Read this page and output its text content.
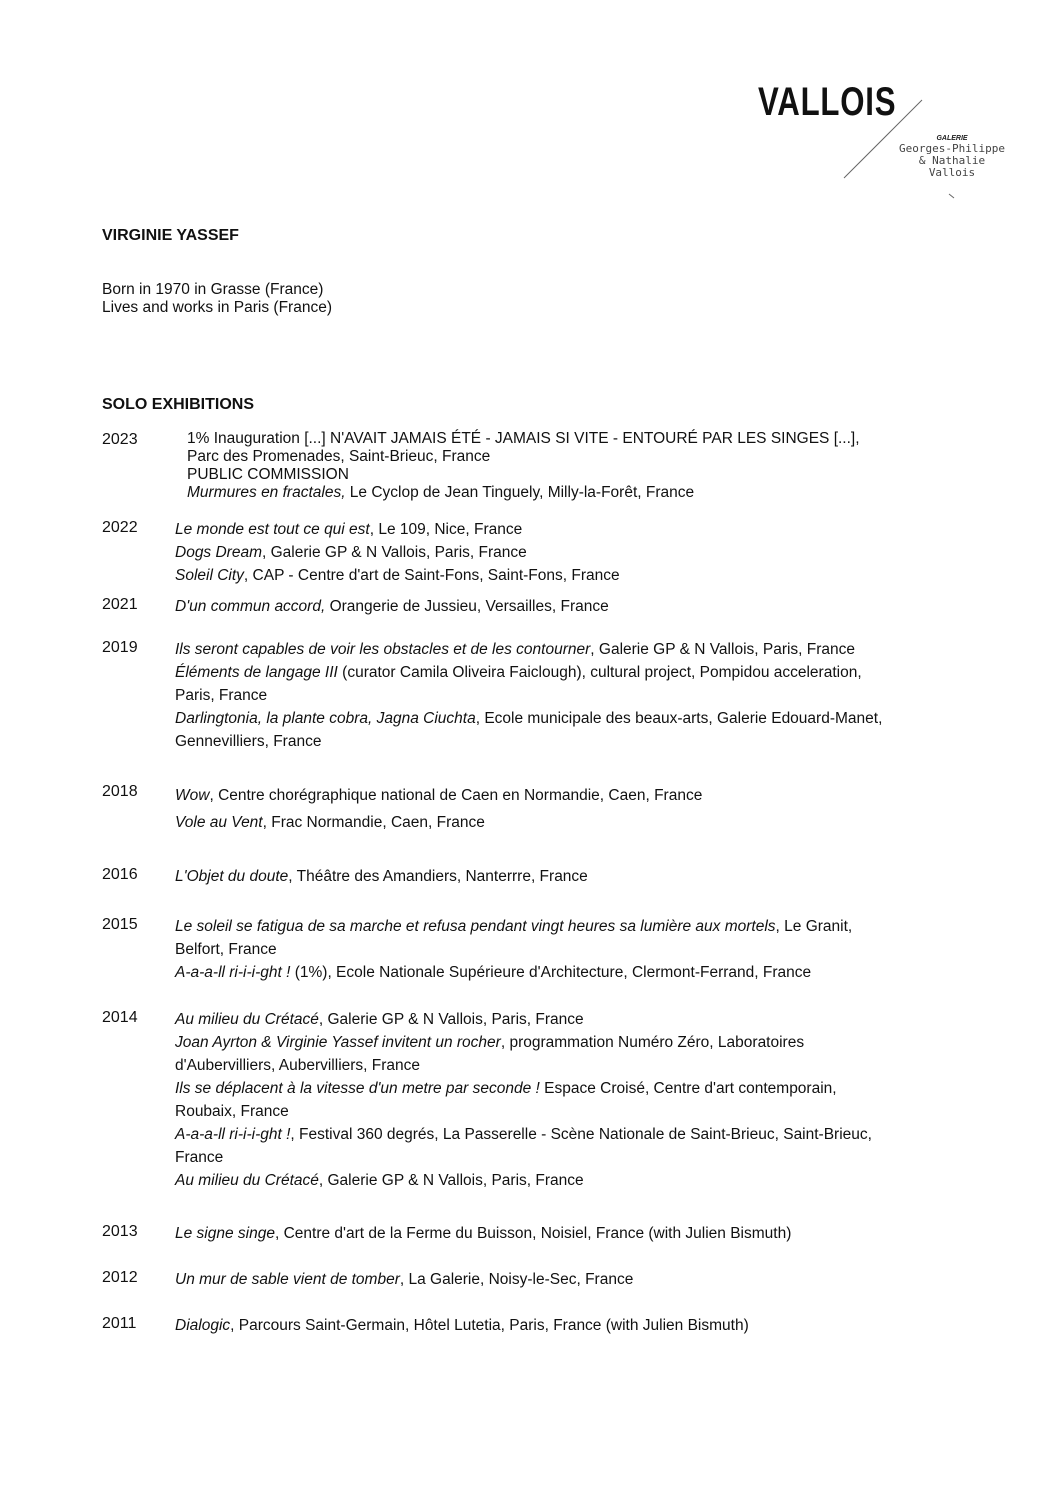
VALLOIS
GALERIE
Georges-Philippe
& Nathalie
Vallois
VIRGINIE YASSEF
Born in 1970 in Grasse (France)
Lives and works in Paris (France)
SOLO EXHIBITIONS
2023	1% Inauguration [...] N'AVAIT JAMAIS ÉTÉ - JAMAIS SI VITE - ENTOURÉ PAR LES SINGES [...],
Parc des Promenades, Saint-Brieuc, France
PUBLIC COMMISSION
Murmures en fractales, Le Cyclop de Jean Tinguely, Milly-la-Forêt, France
2022 Le monde est tout ce qui est, Le 109, Nice, France
Dogs Dream, Galerie GP & N Vallois, Paris, France
Soleil City, CAP - Centre d'art de Saint-Fons, Saint-Fons, France
2021 D'un commun accord, Orangerie de Jussieu, Versailles, France
2019 Ils seront capables de voir les obstacles et de les contourner, Galerie GP & N Vallois, Paris, France
Éléments de langage III (curator Camila Oliveira Faiclough), cultural project, Pompidou acceleration,
Paris, France
Darlingtonia, la plante cobra, Jagna Ciuchta, Ecole municipale des beaux-arts, Galerie Edouard-Manet,
Gennevilliers, France
2018 Wow, Centre chorégraphique national de Caen en Normandie, Caen, France
Vole au Vent, Frac Normandie, Caen, France
2016 L'Objet du doute, Théâtre des Amandiers, Nanterrre, France
2015 Le soleil se fatigua de sa marche et refusa pendant vingt heures sa lumière aux mortels, Le Granit,
Belfort, France
A-a-a-ll ri-i-i-ght ! (1%), Ecole Nationale Supérieure d'Architecture, Clermont-Ferrand, France
2014 Au milieu du Crétacé, Galerie GP & N Vallois, Paris, France
Joan Ayrton & Virginie Yassef invitent un rocher, programmation Numéro Zéro, Laboratoires
d'Aubervilliers, Aubervilliers, France
Ils se déplacent à la vitesse d'un metre par seconde ! Espace Croisé, Centre d'art contemporain,
Roubaix, France
A-a-a-ll ri-i-i-ght !, Festival 360 degrés, La Passerelle - Scène Nationale de Saint-Brieuc, Saint-Brieuc,
France
Au milieu du Crétacé, Galerie GP & N Vallois, Paris, France
2013 Le signe singe, Centre d'art de la Ferme du Buisson, Noisiel, France (with Julien Bismuth)
2012 Un mur de sable vient de tomber, La Galerie, Noisy-le-Sec, France
2011 Dialogic, Parcours Saint-Germain, Hôtel Lutetia, Paris, France (with Julien Bismuth)
